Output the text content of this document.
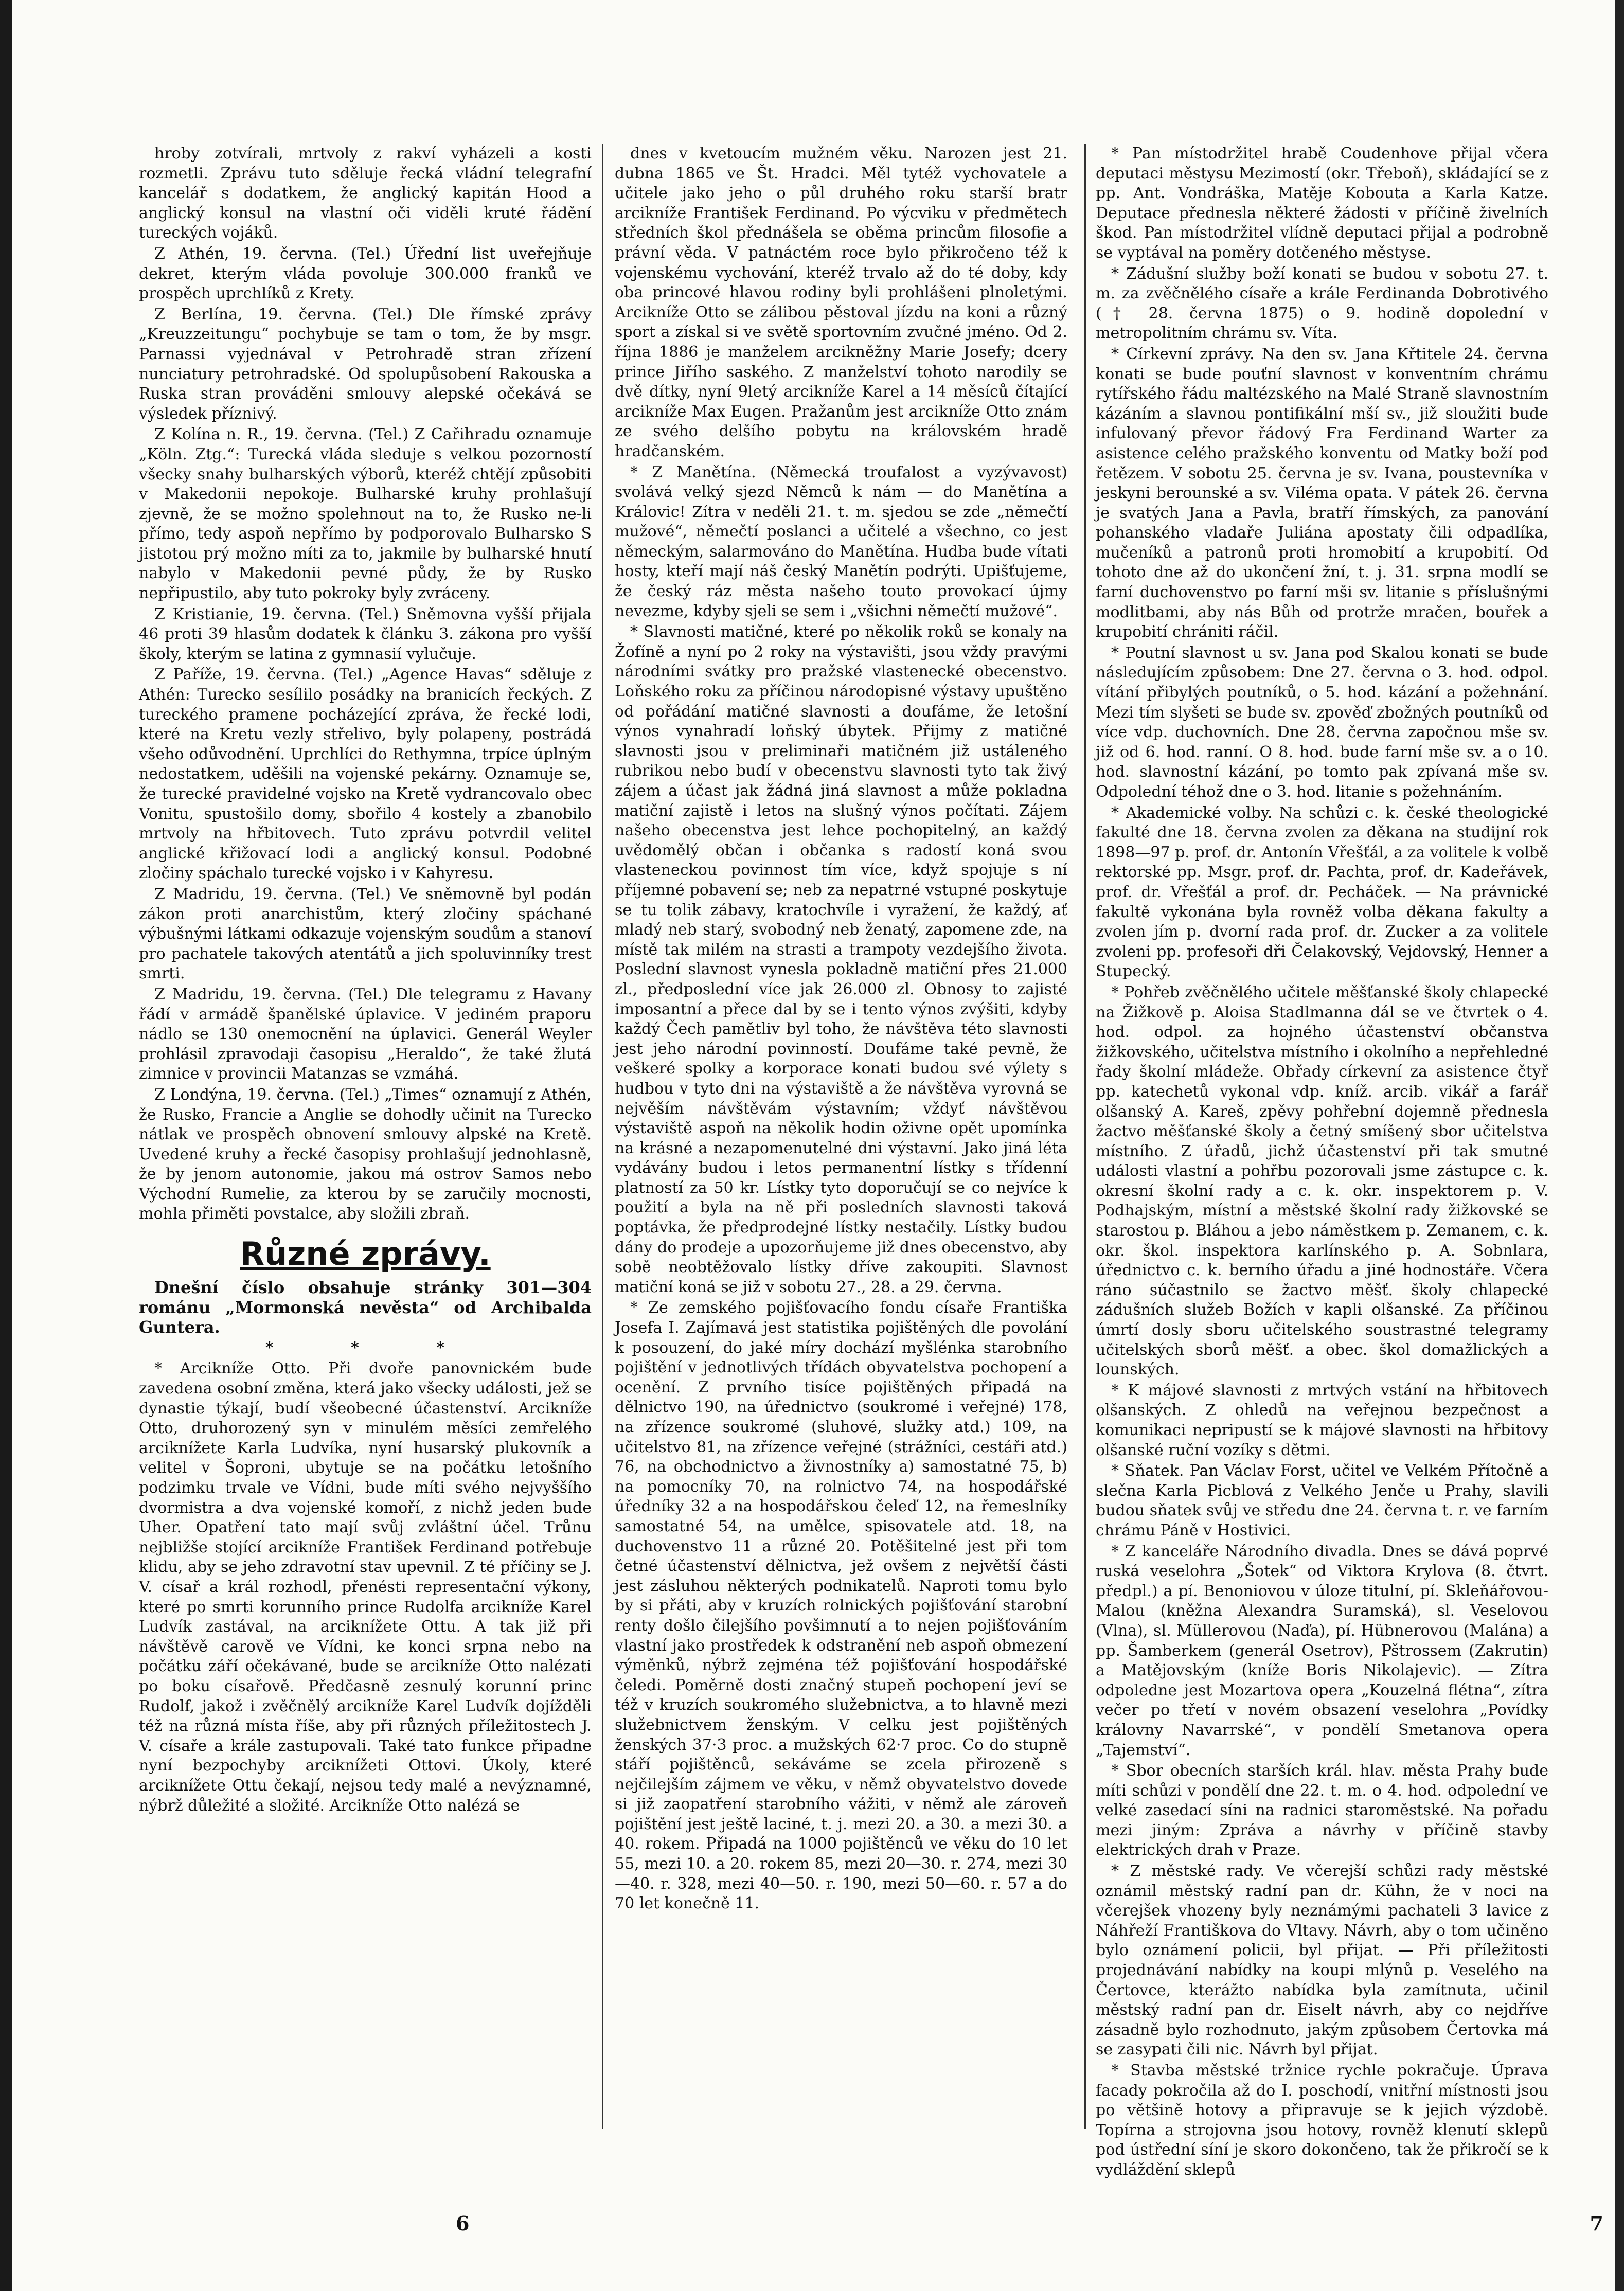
hroby zotvírali, mrtvoly z rakví vyházeli a kosti rozmetli. Zprávu tuto sděluje řecká vládní telegrafní kancelář s dodatkem, že anglický kapitán Hood a anglický konsul na vlastní oči viděli kruté řádění tureckých vojáků.

Z Athén, 19. června. (Tel.) Úřední list uveřejňuje dekret, kterým vláda povoluje 300.000 franků ve prospěch uprchlíků z Krety.

Z Berlína, 19. června. (Tel.) Dle římské zprávy „Kreuzzeitungu“ pochybuje se tam o tom, že by msgr. Parnassi vyjednával v Petrohradě stran zřízení nunciatury petrohradské. Od spolupůsobení Rakouska a Ruska stran prováděni smlouvy alepské očekává se výsledek příznivý.

Z Kolína n. R., 19. června. (Tel.) Z Cařihradu oznamuje „Köln. Ztg.“: Turecká vláda sleduje s velkou pozorností všecky snahy bulharských výborů, kteréž chtějí způsobiti v Makedonii nepokoje. Bulharské kruhy prohlašují zjevně, že se možno spolehnout na to, že Rusko ne-li přímo, tedy aspoň nepřímo by podporovalo Bulharsko S jistotou prý možno míti za to, jakmile by bulharské hnutí nabylo v Makedonii pevné půdy, že by Rusko nepřipustilo, aby tuto pokroky byly zvráceny.

Z Kristianie, 19. června. (Tel.) Sněmovna vyšší přijala 46 proti 39 hlasům dodatek k článku 3. zákona pro vyšší školy, kterým se latina z gymnasií vylučuje.

Z Paříže, 19. června. (Tel.) „Agence Havas“ sděluje z Athén: Turecko sesílilo posádky na branicích řeckých. Z tureckého pramene pocházející zpráva, že řecké lodi, které na Kretu vezly střelivo, byly polapeny, postrádá všeho odůvodnění. Uprchlíci do Rethymna, trpíce úplným nedostatkem, uděšili na vojenské pekárny. Oznamuje se, že turecké pravidelné vojsko na Kretě vydrancovalo obec Vonitu, spustošilo domy, sbořilo 4 kostely a zbanobilo mrtvoly na hřbitovech. Tuto zprávu potvrdil velitel anglické křižovací lodi a anglický konsul. Podobné zločiny spáchalo turecké vojsko i v Kahyresu.

Z Madridu, 19. června. (Tel.) Ve sněmovně byl podán zákon proti anarchistům, který zločiny spáchané výbušnými látkami odkazuje vojenským soudům a stanoví pro pachatele takových atentátů a jich spoluvinníky trest smrti.

Z Madridu, 19. června. (Tel.) Dle telegramu z Havany řádí v armádě španělské úplavice. V jediném praporu nádlo se 130 onemocnění na úplavici. Generál Weyler prohlásil zpravodaji časopisu „Heraldo“, že také žlutá zimnice v provincii Matanzas se vzmáhá.

Z Londýna, 19. června. (Tel.) „Times“ oznamují z Athén, že Rusko, Francie a Anglie se dohodly učinit na Turecko nátlak ve prospěch obnovení smlouvy alpské na Kretě. Uvedené kruhy a řecké časopisy prohlašují jednohlasně, že by jenom autonomie, jakou má ostrov Samos nebo Východní Rumelie, za kterou by se zaručily mocnosti, mohla přiměti povstalce, aby složili zbraň.

Různé zprávy.

Dnešní číslo obsahuje stránky 301—304 románu „Mormonská nevěsta“ od Archibalda Guntera.

* * *

* Arcikníže Otto. Při dvoře panovnickém bude zavedena osobní změna, která jako všecky události, jež se dynastie týkají, budí všeobecné účastenství. Arcikníže Otto, druhorozený syn v minulém měsíci zemřelého arciknížete Karla Ludvíka, nyní husarský plukovník a velitel v Šoproni, ubytuje se na počátku letošního podzimku trvale ve Vídni, bude míti svého nejvyššího dvormistra a dva vojenské komoří, z nichž jeden bude Uher. Opatření tato mají svůj zvláštní účel. Trůnu nejbližše stojící arcikníže František Ferdinand potřebuje klidu, aby se jeho zdravotní stav upevnil. Z té příčiny se J. V. císař a král rozhodl, přenésti representační výkony, které po smrti korunního prince Rudolfa arcikníže Karel Ludvík zastával, na arciknížete Ottu. A tak již při návštěvě carově ve Vídni, ke konci srpna nebo na počátku září očekávané, bude se arcikníže Otto nalézati po boku císařově. Předčasně zesnulý korunní princ Rudolf, jakož i zvěčnělý arcikníže Karel Ludvík dojížděli též na různá místa říše, aby při různých příležitostech J. V. císaře a krále zastupovali. Také tato funkce připadne nyní bezpochyby arciknížeti Ottovi. Úkoly, které arciknížete Ottu čekají, nejsou tedy malé a nevýznamné, nýbrž důležité a složité. Arcikníže Otto nalézá se

dnes v kvetoucím mužném věku. Narozen jest 21. dubna 1865 ve Št. Hradci. Měl tytéž vychovatele a učitele jako jeho o půl druhého roku starší bratr arcikníže František Ferdinand. Po výcviku v předmětech středních škol přednášela se oběma princům filosofie a právní věda. V patnáctém roce bylo přikročeno též k vojenskému vychování, kteréž trvalo až do té doby, kdy oba princové hlavou rodiny byli prohlášeni plnoletými. Arcikníže Otto se zálibou pěstoval jízdu na koni a různý sport a získal si ve světě sportovním zvučné jméno. Od 2. října 1886 je manželem arcikněžny Marie Josefy; dcery prince Jiřího saského. Z manželství tohoto narodily se dvě dítky, nyní 9letý arcikníže Karel a 14 měsíců čítající arcikníže Max Eugen. Pražanům jest arcikníže Otto znám ze svého delšího pobytu na královském hradě hradčanském.

* Z Manětína. (Německá troufalost a vyzývavost) svolává velký sjezd Němců k nám — do Manětína a Královic! Zítra v neděli 21. t. m. sjedou se zde „němečtí mužové“, němečtí poslanci a učitelé a všechno, co jest německým, salarmováno do Manětína. Hudba bude vítati hosty, kteří mají náš český Manětín podrýti. Upišťujeme, že český ráz města našeho touto provokací újmy nevezme, kdyby sjeli se sem i „všichni němečtí mužové“.

* Slavnosti matičné, které po několik roků se konaly na Žofíně a nyní po 2 roky na výstavišti, jsou vždy pravými národními svátky pro pražské vlastenecké obecenstvo. Loňského roku za příčinou národopisné výstavy upuštěno od pořádání matičné slavnosti a doufáme, že letošní výnos vynahradí loňský úbytek. Přijmy z matičné slavnosti jsou v preliminaři matičném již ustáleného rubrikou nebo budí v obecenstvu slavnosti tyto tak živý zájem a účast jak žádná jiná slavnost a může pokladna matiční zajistě i letos na slušný výnos počítati. Zájem našeho obecenstva jest lehce pochopitelný, an každý uvědomělý občan i občanka s radostí koná svou vlasteneckou povinnost tím více, když spojuje s ní příjemné pobavení se; neb za nepatrné vstupné poskytuje se tu tolik zábavy, kratochvíle i vyražení, že každý, ať mladý neb starý, svobodný neb ženatý, zapomene zde, na místě tak milém na strasti a trampoty vezdejšího života. Poslední slavnost vynesla pokladně matiční přes 21.000 zl., předposlední více jak 26.000 zl. Obnosy to zajisté imposantní a přece dal by se i tento výnos zvýšiti, kdyby každý Čech pamětliv byl toho, že návštěva této slavnosti jest jeho národní povinností. Doufáme také pevně, že veškeré spolky a korporace konati budou své výlety s hudbou v tyto dni na výstaviště a že návštěva vyrovná se nejvěším návštěvám výstavním; vždyť návštěvou výstaviště aspoň na několik hodin oživne opět upomínka na krásné a nezapomenutelné dni výstavní. Jako jiná léta vydávány budou i letos permanentní lístky s třídenní platností za 50 kr. Lístky tyto doporučují se co nejvíce k použití a byla na ně při posledních slavnosti taková poptávka, že předprodejné lístky nestačily. Lístky budou dány do prodeje a upozorňujeme již dnes obecenstvo, aby sobě neobtěžovalo lístky dříve zakoupiti. Slavnost matiční koná se již v sobotu 27., 28. a 29. června.

* Ze zemského pojišťovacího fondu císaře Františka Josefa I. Zajímavá jest statistika pojištěných dle povolání k posouzení, do jaké míry dochází myšlénka starobního pojištění v jednotlivých třídách obyvatelstva pochopení a ocenění. Z prvního tisíce pojištěných připadá na dělnictvo 190, na úřednictvo (soukromé i veřejné) 178, na zřízence soukromé (sluhové, služky atd.) 109, na učitelstvo 81, na zřízence veřejné (strážníci, cestáři atd.) 76, na obchodnictvo a živnostníky a) samostatné 75, b) na pomocníky 70, na rolnictvo 74, na hospodářské úředníky 32 a na hospodářskou čeleď 12, na řemeslníky samostatné 54, na umělce, spisovatele atd. 18, na duchovenstvo 11 a různé 20. Potěšitelné jest při tom četné účastenství dělnictva, jež ovšem z největší části jest zásluhou některých podnikatelů. Naproti tomu bylo by si přáti, aby v kruzích rolnických pojišťování starobní renty došlo čilejšího povšimnutí a to nejen pojišťováním vlastní jako prostředek k odstranění neb aspoň obmezení výměnků, nýbrž zejména též pojišťování hospodářské čeledi. Poměrně dosti značný stupeň pochopení jeví se též v kruzích soukromého služebnictva, a to hlavně mezi služebnictvem ženským. V celku jest pojištěných ženských 37·3 proc. a mužských 62·7 proc. Co do stupně stáří pojištěnců, sekáváme se zcela přirozeně s nejčilejším zájmem ve věku, v němž obyvatelstvo dovede si již zaopatření starobního vážiti, v němž ale zároveň pojištění jest ještě laciné, t. j. mezi 20. a 30. a mezi 30. a 40. rokem. Připadá na 1000 pojištěnců ve věku do 10 let 55, mezi 10. a 20. rokem 85, mezi 20—30. r. 274, mezi 30—40. r. 328, mezi 40—50. r. 190, mezi 50—60. r. 57 a do 70 let konečně 11.

* Pan místodržitel hrabě Coudenhove přijal včera deputaci městysu Mezimostí (okr. Třeboň), skládající se z pp. Ant. Vondráška, Matěje Kobouta a Karla Katze. Deputace přednesla některé žádosti v příčině živelních škod. Pan místodržitel vlídně deputaci přijal a podrobně se vyptával na poměry dotčeného městyse.

* Zádušní služby boží konati se budou v sobotu 27. t. m. za zvěčnělého císaře a krále Ferdinanda Dobrotivého († 28. června 1875) o 9. hodině dopolední v metropolitním chrámu sv. Víta.

* Církevní zprávy. Na den sv. Jana Křtitele 24. června konati se bude pouťní slavnost v konventním chrámu rytířského řádu maltézského na Malé Straně slavnostním kázáním a slavnou pontifikální mší sv., již sloužiti bude infulovaný převor řádový Fra Ferdinand Warter za asistence celého pražského konventu od Matky boží pod řetězem. V sobotu 25. června je sv. Ivana, poustevníka v jeskyni berounské a sv. Viléma opata. V pátek 26. června je svatých Jana a Pavla, bratří římských, za panování pohanského vladaře Juliána apostaty čili odpadlíka, mučeníků a patronů proti hromobití a krupobití. Od tohoto dne až do ukončení žní, t. j. 31. srpna modlí se farní duchovenstvo po farní mši sv. litanie s příslušnými modlitbami, aby nás Bůh od protrže mračen, bouřek a krupobití chrániti ráčil.

* Poutní slavnost u sv. Jana pod Skalou konati se bude následujícím způsobem: Dne 27. června o 3. hod. odpol. vítání přibylých poutníků, o 5. hod. kázání a požehnání. Mezi tím slyšeti se bude sv. zpověď zbožných poutníků od více vdp. duchovních. Dne 28. června započnou mše sv. již od 6. hod. ranní. O 8. hod. bude farní mše sv. a o 10. hod. slavnostní kázání, po tomto pak zpívaná mše sv. Odpolední téhož dne o 3. hod. litanie s požehnáním.

* Akademické volby. Na schůzi c. k. české theologické fakulté dne 18. června zvolen za děkana na studijní rok 1898—97 p. prof. dr. Antonín Vřešťál, a za volitele k volbě rektorské pp. Msgr. prof. dr. Pachta, prof. dr. Kadeřávek, prof. dr. Vřešťál a prof. dr. Pecháček. — Na právnické fakultě vykonána byla rovněž volba děkana fakulty a zvolen jím p. dvorní rada prof. dr. Zucker a za volitele zvoleni pp. profesoři dři Čelakovský, Vejdovský, Henner a Stupecký.

* Pohřeb zvěčnělého učitele měšťanské školy chlapecké na Žižkově p. Aloisa Stadlmanna dál se ve čtvrtek o 4. hod. odpol. za hojného účastenství občanstva žižkovského, učitelstva místního i okolního a nepřehledné řady školní mládeže. Obřady církevní za asistence čtyř pp. katechetů vykonal vdp. kníž. arcib. vikář a farář olšanský A. Kareš, zpěvy pohřební dojemně přednesla žactvo měšťanské školy a četný smíšený sbor učitelstva místního. Z úřadů, jichž účastenství při tak smutné události vlastní a pohřbu pozorovali jsme zástupce c. k. okresní školní rady a c. k. okr. inspektorem p. V. Podhajským, místní a městské školní rady žižkovské se starostou p. Bláhou a jebo náměstkem p. Zemanem, c. k. okr. škol. inspektora karlínského p. A. Sobnlara, úřednictvo c. k. berního úřadu a jiné hodnostáře. Včera ráno súčastnilo se žactvo měšť. školy chlapecké zádušních služeb Božích v kapli olšanské. Za příčinou úmrtí dosly sboru učitelského soustrastné telegramy učitelských sborů měšť. a obec. škol domažlických a lounských.

* K májové slavnosti z mrtvých vstání na hřbitovech olšanských. Z ohledů na veřejnou bezpečnost a komunikaci nepripustí se k májové slavnosti na hřbitovy olšanské ruční vozíky s dětmi.

* Sňatek. Pan Václav Forst, učitel ve Velkém Přítočně a slečna Karla Picblová z Velkého Jenče u Prahy, slavili budou sňatek svůj ve středu dne 24. června t. r. ve farním chrámu Páně v Hostivici.

* Z kanceláře Národního divadla. Dnes se dává poprvé ruská veselohra „Šotek“ od Viktora Krylova (8. čtvrt. předpl.) a pí. Benoniovou v úloze titulní, pí. Skleňářovou-Malou (kněžna Alexandra Suramská), sl. Veselovou (Vlna), sl. Müllerovou (Naďa), pí. Hübnerovou (Malána) a pp. Šamberkem (generál Osetrov), Pštrossem (Zakrutin) a Matějovským (kníže Boris Nikolajevic). — Zítra odpoledne jest Mozartova opera „Kouzelná flétna“, zítra večer po třetí v novém obsazení veselohra „Povídky královny Navarrské“, v pondělí Smetanova opera „Tajemství“.

* Sbor obecních starších král. hlav. města Prahy bude míti schůzi v pondělí dne 22. t. m. o 4. hod. odpolední ve velké zasedací síni na radnici staroměstské. Na pořadu mezi jiným: Zpráva a návrhy v příčině stavby elektrických drah v Praze.

* Z městské rady. Ve včerejší schůzi rady městské oznámil městský radní pan dr. Kühn, že v noci na včerejšek vhozeny byly neznámými pachateli 3 lavice z Náhřeží Františkova do Vltavy. Návrh, aby o tom učiněno bylo oznámení policii, byl přijat. — Při příležitosti projednávání nabídky na koupi mlýnů p. Veselého na Čertovce, kterážto nabídka byla zamítnuta, učinil městský radní pan dr. Eiselt návrh, aby co nejdříve zásadně bylo rozhodnuto, jakým způsobem Čertovka má se zasypati čili nic. Návrh byl přijat.

* Stavba městské tržnice rychle pokračuje. Úprava facady pokročila až do I. poschodí, vnitřní místnosti jsou po většině hotovy a připravuje se k jejich výzdobě. Topírna a strojovna jsou hotovy, rovněž klenutí sklepů pod ústřední síní je skoro dokončeno, tak že přikročí se k vydláždění sklepů

6	7
